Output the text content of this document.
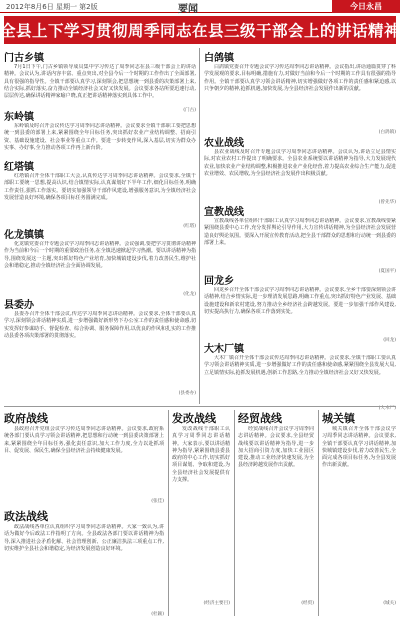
2012年8月6日 星期一 第2版	要闻	今日永昌
全县上下学习贯彻周季同志在县三级干部会上的讲话精神
门古乡镇
7月1日下午,门古乡镇领导成员集中学习传达了周季同志在县三级干部会上的讲话精神。会议认为,讲话内容丰富、重点突出,对全县今后一个时期的工作作出了全面部署,具有很强的指导性。全镇干部要认真学习,深刻领会,把思想统一到县委的决策部署上来,结合实际,抓好落实,奋力推动全镇经济社会又好又快发展。会议要求各站所要迅速行动,层层传达,确保讲话精神家喻户晓,真正把讲话精神落实到具体工作中。
(门古)
东岭镇
东岭镇及时召开会议传达学习周季同志讲话精神。会议要求全镇干部职工要把思想统一到县委的部署上来,紧紧围绕全年目标任务,突出抓好农业产业结构调整、招商引资、基础设施建设、社会事业等重点工作。要进一步转变作风,深入基层,切实为群众办实事、办好事,全力推动各项工作再上新台阶。
红塔镇
红塔镇召开全体干部职工大会,认真传达学习周季同志讲话精神。会议要求,全镇干部职工要统一思想,提高认识,结合镇情实际,认真谋划好下半年工作,细化目标任务,明确工作责任,狠抓工作落实。要切实加强领导干部作风建设,增强服务意识,为全镇经济社会发展营造良好环境,确保各项目标任务圆满完成。
(红塔)
化龙镇镇
化龙镇党委召开专题会议学习周季同志讲话精神。会议强调,要把学习贯彻讲话精神作为当前和今后一个时期的重要政治任务,在全镇迅速掀起学习热潮。要以讲话精神为指导,围绕发展这一主题,突出抓好特色产业培育,加快城镇建设步伐,着力改善民生,维护社会和谐稳定,推动全镇经济社会全面协调发展。
(化龙)
县委办
县委办召开全体干部会议,传达学习周季同志讲话精神。会议要求,全体干部要认真学习,深刻领会讲话精神实质,进一步增强做好新形势下办公室工作的责任感和使命感,切实发挥好参谋助手、督促检查、综合协调、服务保障作用,以优良的作风和扎实的工作推动县委各项决策部署的贯彻落实。
(县委办)
白鸽镇
白鸽镇党委召开专题会议学习传达周季同志讲话精神。会议指出,讲话通篇贯穿了科学发展观的要求,目标明确,措施有力,对做好当前和今后一个时期的工作具有很强的指导作用。全镇干部要认真学习领会讲话精神,切实增强做好各项工作的责任感和紧迫感,以只争朝夕的精神,抢抓机遇,加快发展,为全县经济社会发展作出新的贡献。
(白鸽镇)
农业战线
县农业战线及时召开专题会议学习周季同志讲话精神。会议认为,讲话立足县情实际,对农业农村工作提出了明确要求。全县农业系统要以讲话精神为指导,大力发展现代农业,加快农业产业结构调整,积极推进农业产业化经营,着力提高农业综合生产能力,促进农业增效、农民增收,为全县经济社会发展作出积极贡献。
(曾先华)
宣教战线
宣教战线各单位组织干部职工认真学习周季同志讲话精神。会议要求,宣教战线要紧紧围绕县委中心工作,充分发挥舆论引导作用,大力宣传讲话精神,为全县经济社会发展营造良好舆论氛围。要深入开展宣传教育活动,把全县干部群众的思想和行动统一到县委的部署上来。
(夏国平)
回龙乡
回龙乡召开全体干部会议学习周季同志讲话精神。会议要求,全乡干部要深刻领会讲话精神,结合乡情实际,进一步理清发展思路,明确工作重点,突出抓好特色产业发展、基础设施建设和新农村建设,努力推动全乡经济社会跨越发展。要进一步加强干部作风建设,切实提高执行力,确保各项工作落到实处。
(回龙)
大木厂镇
大木厂镇召开全体干部会议传达周季同志讲话精神。会议要求,全镇干部职工要认真学习领会讲话精神实质,进一步增强做好工作的责任感和使命感,紧紧围绕全县发展大局,立足镇情实际,抢抓发展机遇,创新工作思路,全力推动全镇经济社会又好又快发展。
(大木厂)
政府战线
县政府召开党组会议学习传达周季同志讲话精神。会议要求,政府系统各部门要认真学习领会讲话精神,把思想和行动统一到县委决策部署上来,紧紧围绕全年目标任务,强化责任意识,加大工作力度,全力以赴抓项目、促发展、保民生,确保全县经济社会持续健康发展。
(张佳)
政法战线
政法战线各单位认真组织学习周季同志讲话精神。大家一致认为,讲话为做好今后政法工作指明了方向。全县政法各部门要以讲话精神为指导,深入推进社会矛盾化解、社会管理创新、公正廉洁执法三项重点工作,切实维护全县社会和谐稳定,为经济发展创造良好环境。
(杜颖)
发改战线
发改战线干部职工认真学习周季同志讲话精神。大家表示,要以讲话精神为指导,紧紧围绕县委县政府的中心工作,切实抓好项目谋划、争取和建设,为全县经济社会发展提供有力支撑。
(经济主要目)
经贸战线
经贸战线召开会议学习周季同志讲话精神。会议要求,全县经贸战线要以讲话精神为指导,进一步加大招商引资力度,加快工业园区建设,推动工业经济快速发展,为全县经济跨越发展作出贡献。
(经贸)
城关镇
城关镇召开全体干部会议学习周季同志讲话精神。会议要求,全镇干部要认真学习讲话精神,加快城镇建设步伐,着力改善民生,全面完成各项目标任务,为全县发展作出新贡献。
(城关)
